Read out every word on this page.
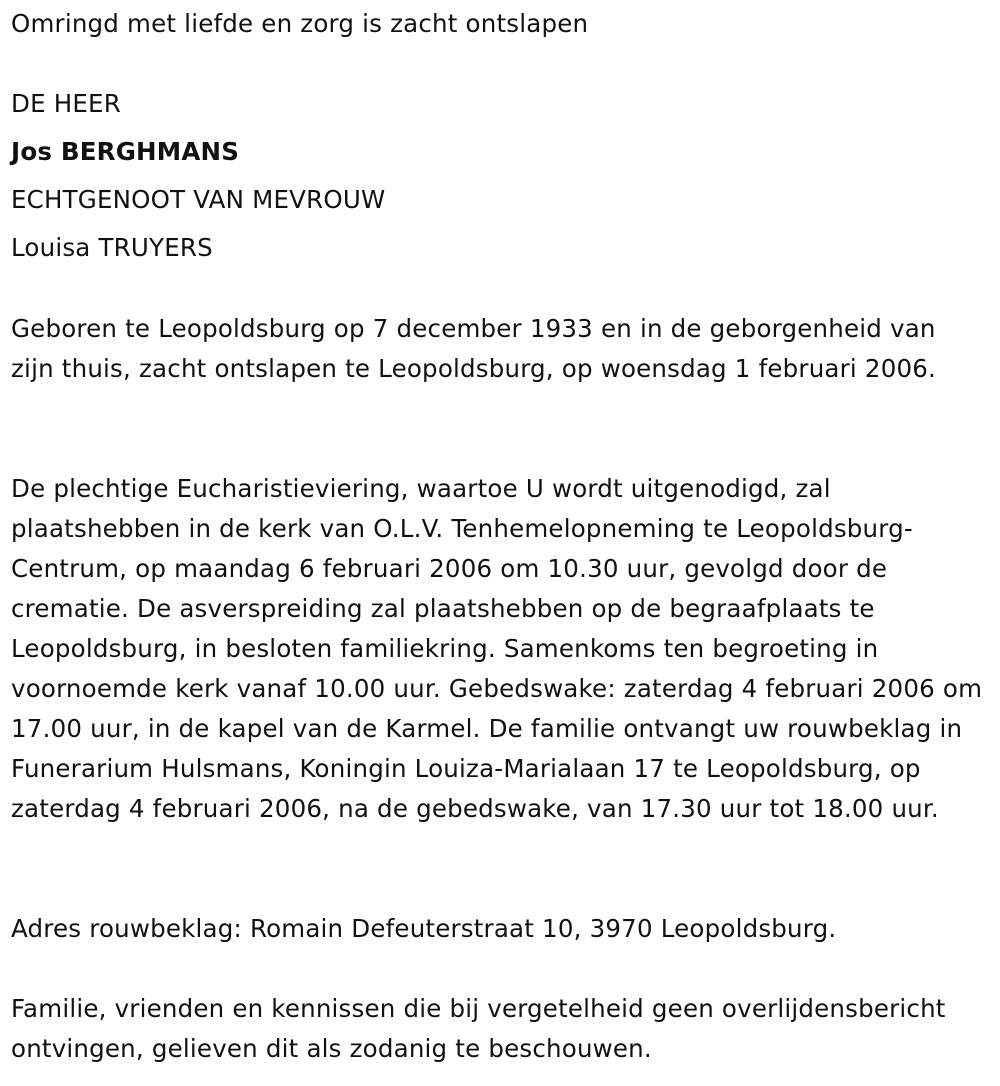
Omringd met liefde en zorg is zacht ontslapen
DE HEER
Jos BERGHMANS
ECHTGENOOT VAN MEVROUW
Louisa TRUYERS

Geboren te Leopoldsburg op 7 december 1933 en in de geborgenheid van zijn thuis, zacht ontslapen te Leopoldsburg, op woensdag 1 februari 2006.

De plechtige Eucharistieviering, waartoe U wordt uitgenodigd, zal plaatshebben in de kerk van O.L.V. Tenhemelopneming te Leopoldsburg-Centrum, op maandag 6 februari 2006 om 10.30 uur, gevolgd door de crematie. De asverspreiding zal plaatshebben op de begraafplaats te Leopoldsburg, in besloten familiekring. Samenkoms ten begroeting in voornoemde kerk vanaf 10.00 uur. Gebedswake: zaterdag 4 februari 2006 om 17.00 uur, in de kapel van de Karmel. De familie ontvangt uw rouwbeklag in Funerarium Hulsmans, Koningin Louiza-Marialaan 17 te Leopoldsburg, op zaterdag 4 februari 2006, na de gebedswake, van 17.30 uur tot 18.00 uur.

Adres rouwbeklag: Romain Defeuterstraat 10, 3970 Leopoldsburg.

Familie, vrienden en kennissen die bij vergetelheid geen overlijdensbericht ontvingen, gelieven dit als zodanig te beschouwen.
